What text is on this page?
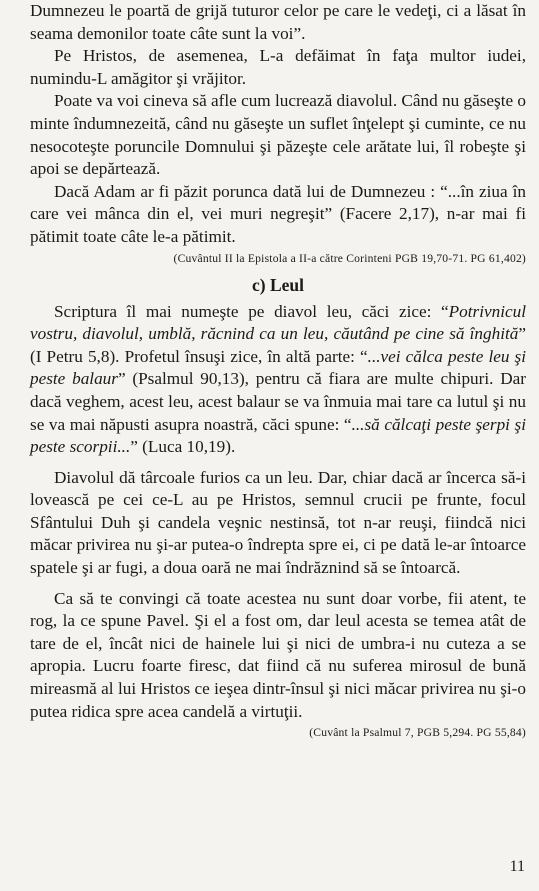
Dumnezeu le poartă de grijă tuturor celor pe care le vedeţi, ci a lăsat în seama demonilor toate câte sunt la voi”.

Pe Hristos, de asemenea, L-a defăimat în faţa multor iudei, numindu-L amăgitor şi vrăjitor.

Poate va voi cineva să afle cum lucrează diavolul. Când nu găseşte o minte îndumnezeită, când nu găseşte un suflet înţelept şi cuminte, ce nu nesocoteşte poruncile Domnului şi păzeşte cele arătate lui, îl robeşte şi apoi se depărtează.

Dacă Adam ar fi păzit porunca dată lui de Dumnezeu : “...în ziua în care vei mânca din el, vei muri negreşit” (Facere 2,17), n-ar mai fi pătimit toate câte le-a pătimit.

(Cuvântul II la Epistola a II-a către Corinteni PGB 19,70-71. PG 61,402)

c) Leul

Scriptura îl mai numeşte pe diavol leu, căci zice: “Potrivnicul vostru, diavolul, umblă, răcnind ca un leu, căutând pe cine să înghită” (I Petru 5,8). Profetul însuşi zice, în altă parte: “...vei călca peste leu şi peste balaur” (Psalmul 90,13), pentru că fiara are multe chipuri. Dar dacă veghem, acest leu, acest balaur se va înmuia mai tare ca lutul şi nu se va mai năpusti asupra noastră, căci spune: “...să călcaţi peste şerpi şi peste scorpii...” (Luca 10,19).

Diavolul dă târcoale furios ca un leu. Dar, chiar dacă ar încerca să-i lovească pe cei ce-L au pe Hristos, semnul crucii pe frunte, focul Sfântului Duh şi candela veşnic nestinsă, tot n-ar reuşi, fiindcă nici măcar privirea nu şi-ar putea-o îndrepta spre ei, ci pe dată le-ar întoarce spatele şi ar fugi, a doua oară ne mai îndrăznind să se întoarcă.

Ca să te convingi că toate acestea nu sunt doar vorbe, fii atent, te rog, la ce spune Pavel. Şi el a fost om, dar leul acesta se temea atât de tare de el, încât nici de hainele lui şi nici de umbra-i nu cuteza a se apropia. Lucru foarte firesc, dat fiind că nu suferea mirosul de bună mireasmă al lui Hristos ce ieşea dintr-însul şi nici măcar privirea nu şi-o putea ridica spre acea candelă a virtuţii.

(Cuvânt la Psalmul 7, PGB 5,294. PG 55,84)

11
